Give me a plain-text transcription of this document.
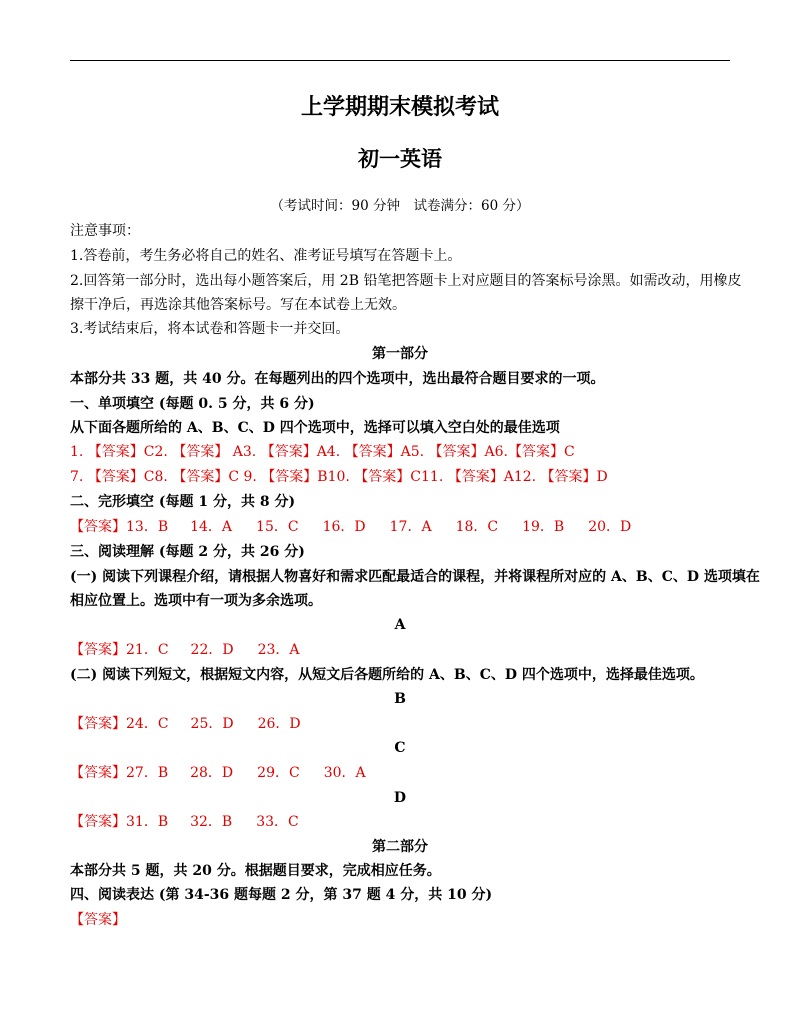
上学期期末模拟考试
初一英语
（考试时间：90 分钟　试卷满分：60 分）
注意事项：
1.答卷前，考生务必将自己的姓名、准考证号填写在答题卡上。
2.回答第一部分时，选出每小题答案后，用 2B 铅笔把答题卡上对应题目的答案标号涂黑。如需改动，用橡皮
擦干净后，再选涂其他答案标号。写在本试卷上无效。
3.考试结束后，将本试卷和答题卡一并交回。
第一部分
本部分共 33 题，共 40 分。在每题列出的四个选项中，选出最符合题目要求的一项。
一、单项填空 (每题 0. 5 分，共 6 分)
从下面各题所给的 A、B、C、D 四个选项中，选择可以填入空白处的最佳选项
1. 【答案】C2. 【答案】 A3. 【答案】A4. 【答案】A5. 【答案】A6.【答案】C
7. 【答案】C8. 【答案】C 9. 【答案】B10. 【答案】C11. 【答案】A12. 【答案】D
二、完形填空 (每题 1 分，共 8 分)
【答案】13．B 14．A 15．C 16．D 17．A 18．C 19．B 20．D
三、阅读理解 (每题 2 分，共 26 分)
(一) 阅读下列课程介绍，请根据人物喜好和需求匹配最适合的课程，并将课程所对应的 A、B、C、D 选项填在
相应位置上。选项中有一项为多余选项。
A
【答案】21．C 22．D 23．A
(二) 阅读下列短文，根据短文内容，从短文后各题所给的 A、B、C、D 四个选项中，选择最佳选项。
B
【答案】24．C 25．D 26．D
C
【答案】27．B 28．D 29．C 30．A
D
【答案】31．B 32．B 33．C
第二部分
本部分共 5 题，共 20 分。根据题目要求，完成相应任务。
四、阅读表达 (第 34-36 题每题 2 分，第 37 题 4 分，共 10 分)
【答案】
